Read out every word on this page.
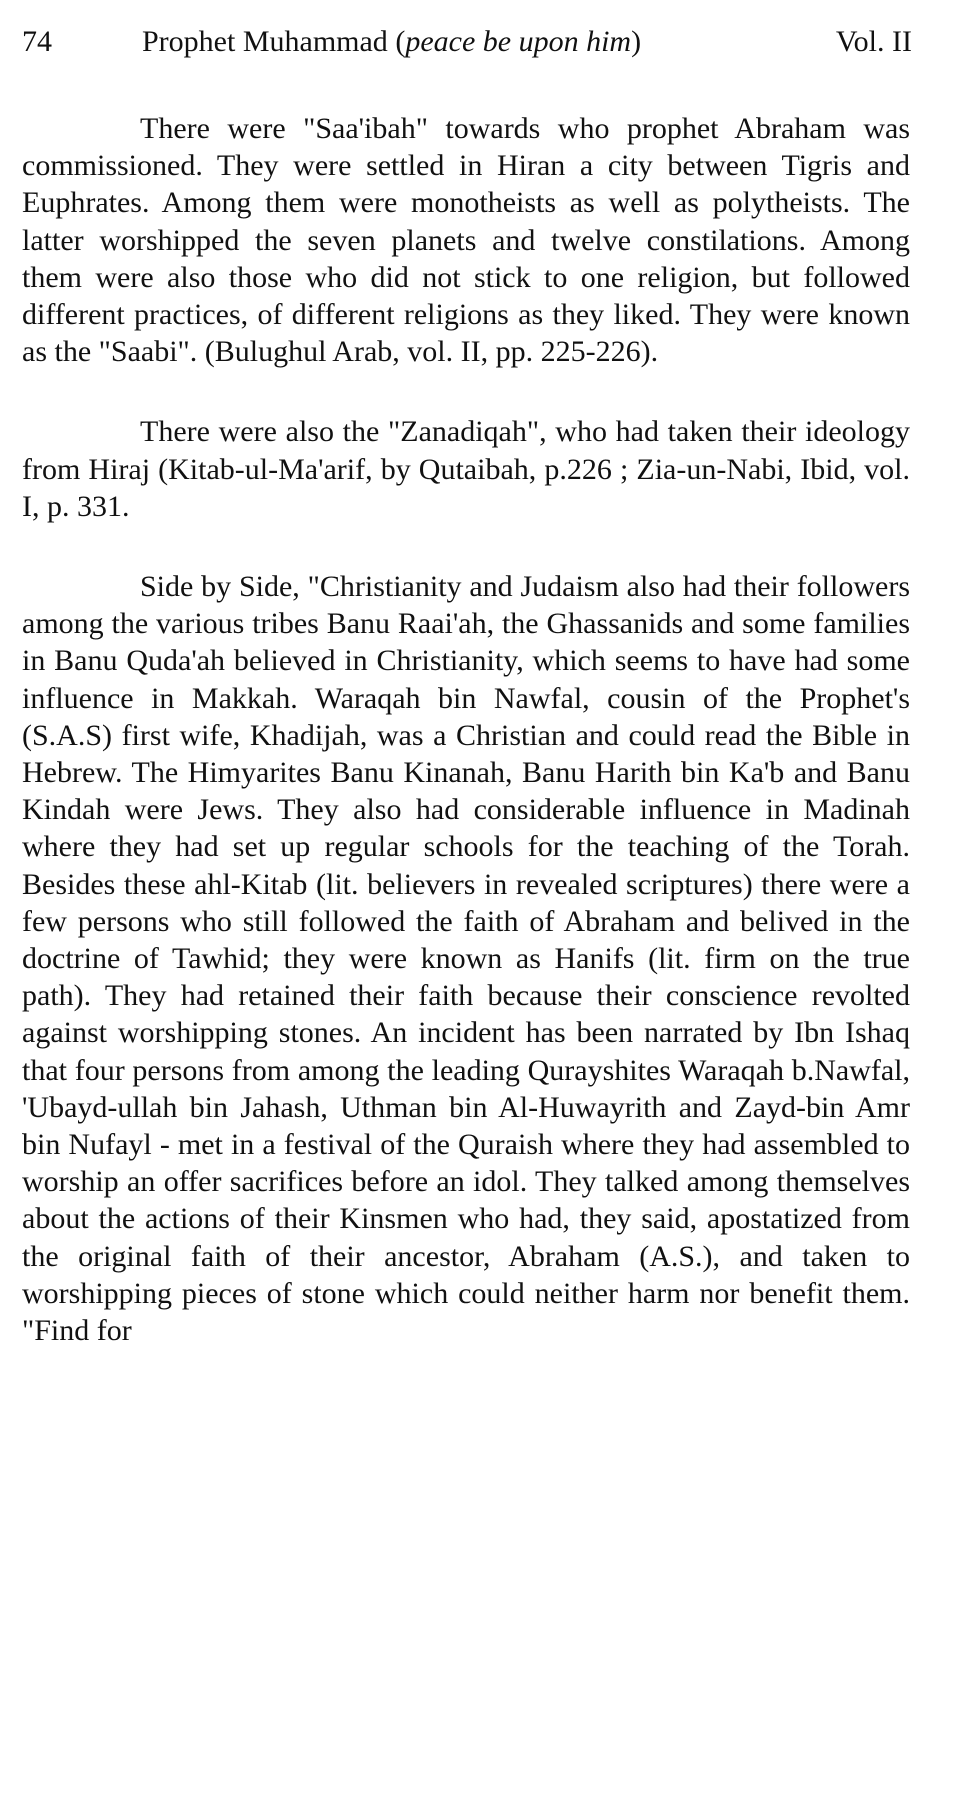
74	Prophet Muhammad (peace be upon him)	Vol. II

There were "Saa'ibah" towards who prophet Abraham was commissioned. They were settled in Hiran a city between Tigris and Euphrates. Among them were monotheists as well as polytheists. The latter worshipped the seven planets and twelve constilations. Among them were also those who did not stick to one religion, but followed different practices, of different religions as they liked. They were known as the "Saabi". (Bulughul Arab, vol. II, pp. 225-226).

There were also the "Zanadiqah", who had taken their ideology from Hiraj (Kitab-ul-Ma'arif, by Qutaibah, p.226 ; Zia-un-Nabi, Ibid, vol. I, p. 331.

Side by Side, "Christianity and Judaism also had their followers among the various tribes Banu Raai'ah, the Ghassanids and some families in Banu Quda'ah believed in Christianity, which seems to have had some influence in Makkah. Waraqah bin Nawfal, cousin of the Prophet's (S.A.S) first wife, Khadijah, was a Christian and could read the Bible in Hebrew. The Himyarites Banu Kinanah, Banu Harith bin Ka'b and Banu Kindah were Jews. They also had considerable influence in Madinah where they had set up regular schools for the teaching of the Torah. Besides these ahl-Kitab (lit. believers in revealed scriptures) there were a few persons who still followed the faith of Abraham and belived in the doctrine of Tawhid; they were known as Hanifs (lit. firm on the true path). They had retained their faith because their conscience revolted against worshipping stones. An incident has been narrated by Ibn Ishaq that four persons from among the leading Qurayshites Waraqah b.Nawfal, 'Ubayd-ullah bin Jahash, Uthman bin Al-Huwayrith and Zayd-bin Amr bin Nufayl - met in a festival of the Quraish where they had assembled to worship an offer sacrifices before an idol. They talked among themselves about the actions of their Kinsmen who had, they said, apostatized from the original faith of their ancestor, Abraham (A.S.), and taken to worshipping pieces of stone which could neither harm nor benefit them. "Find for
